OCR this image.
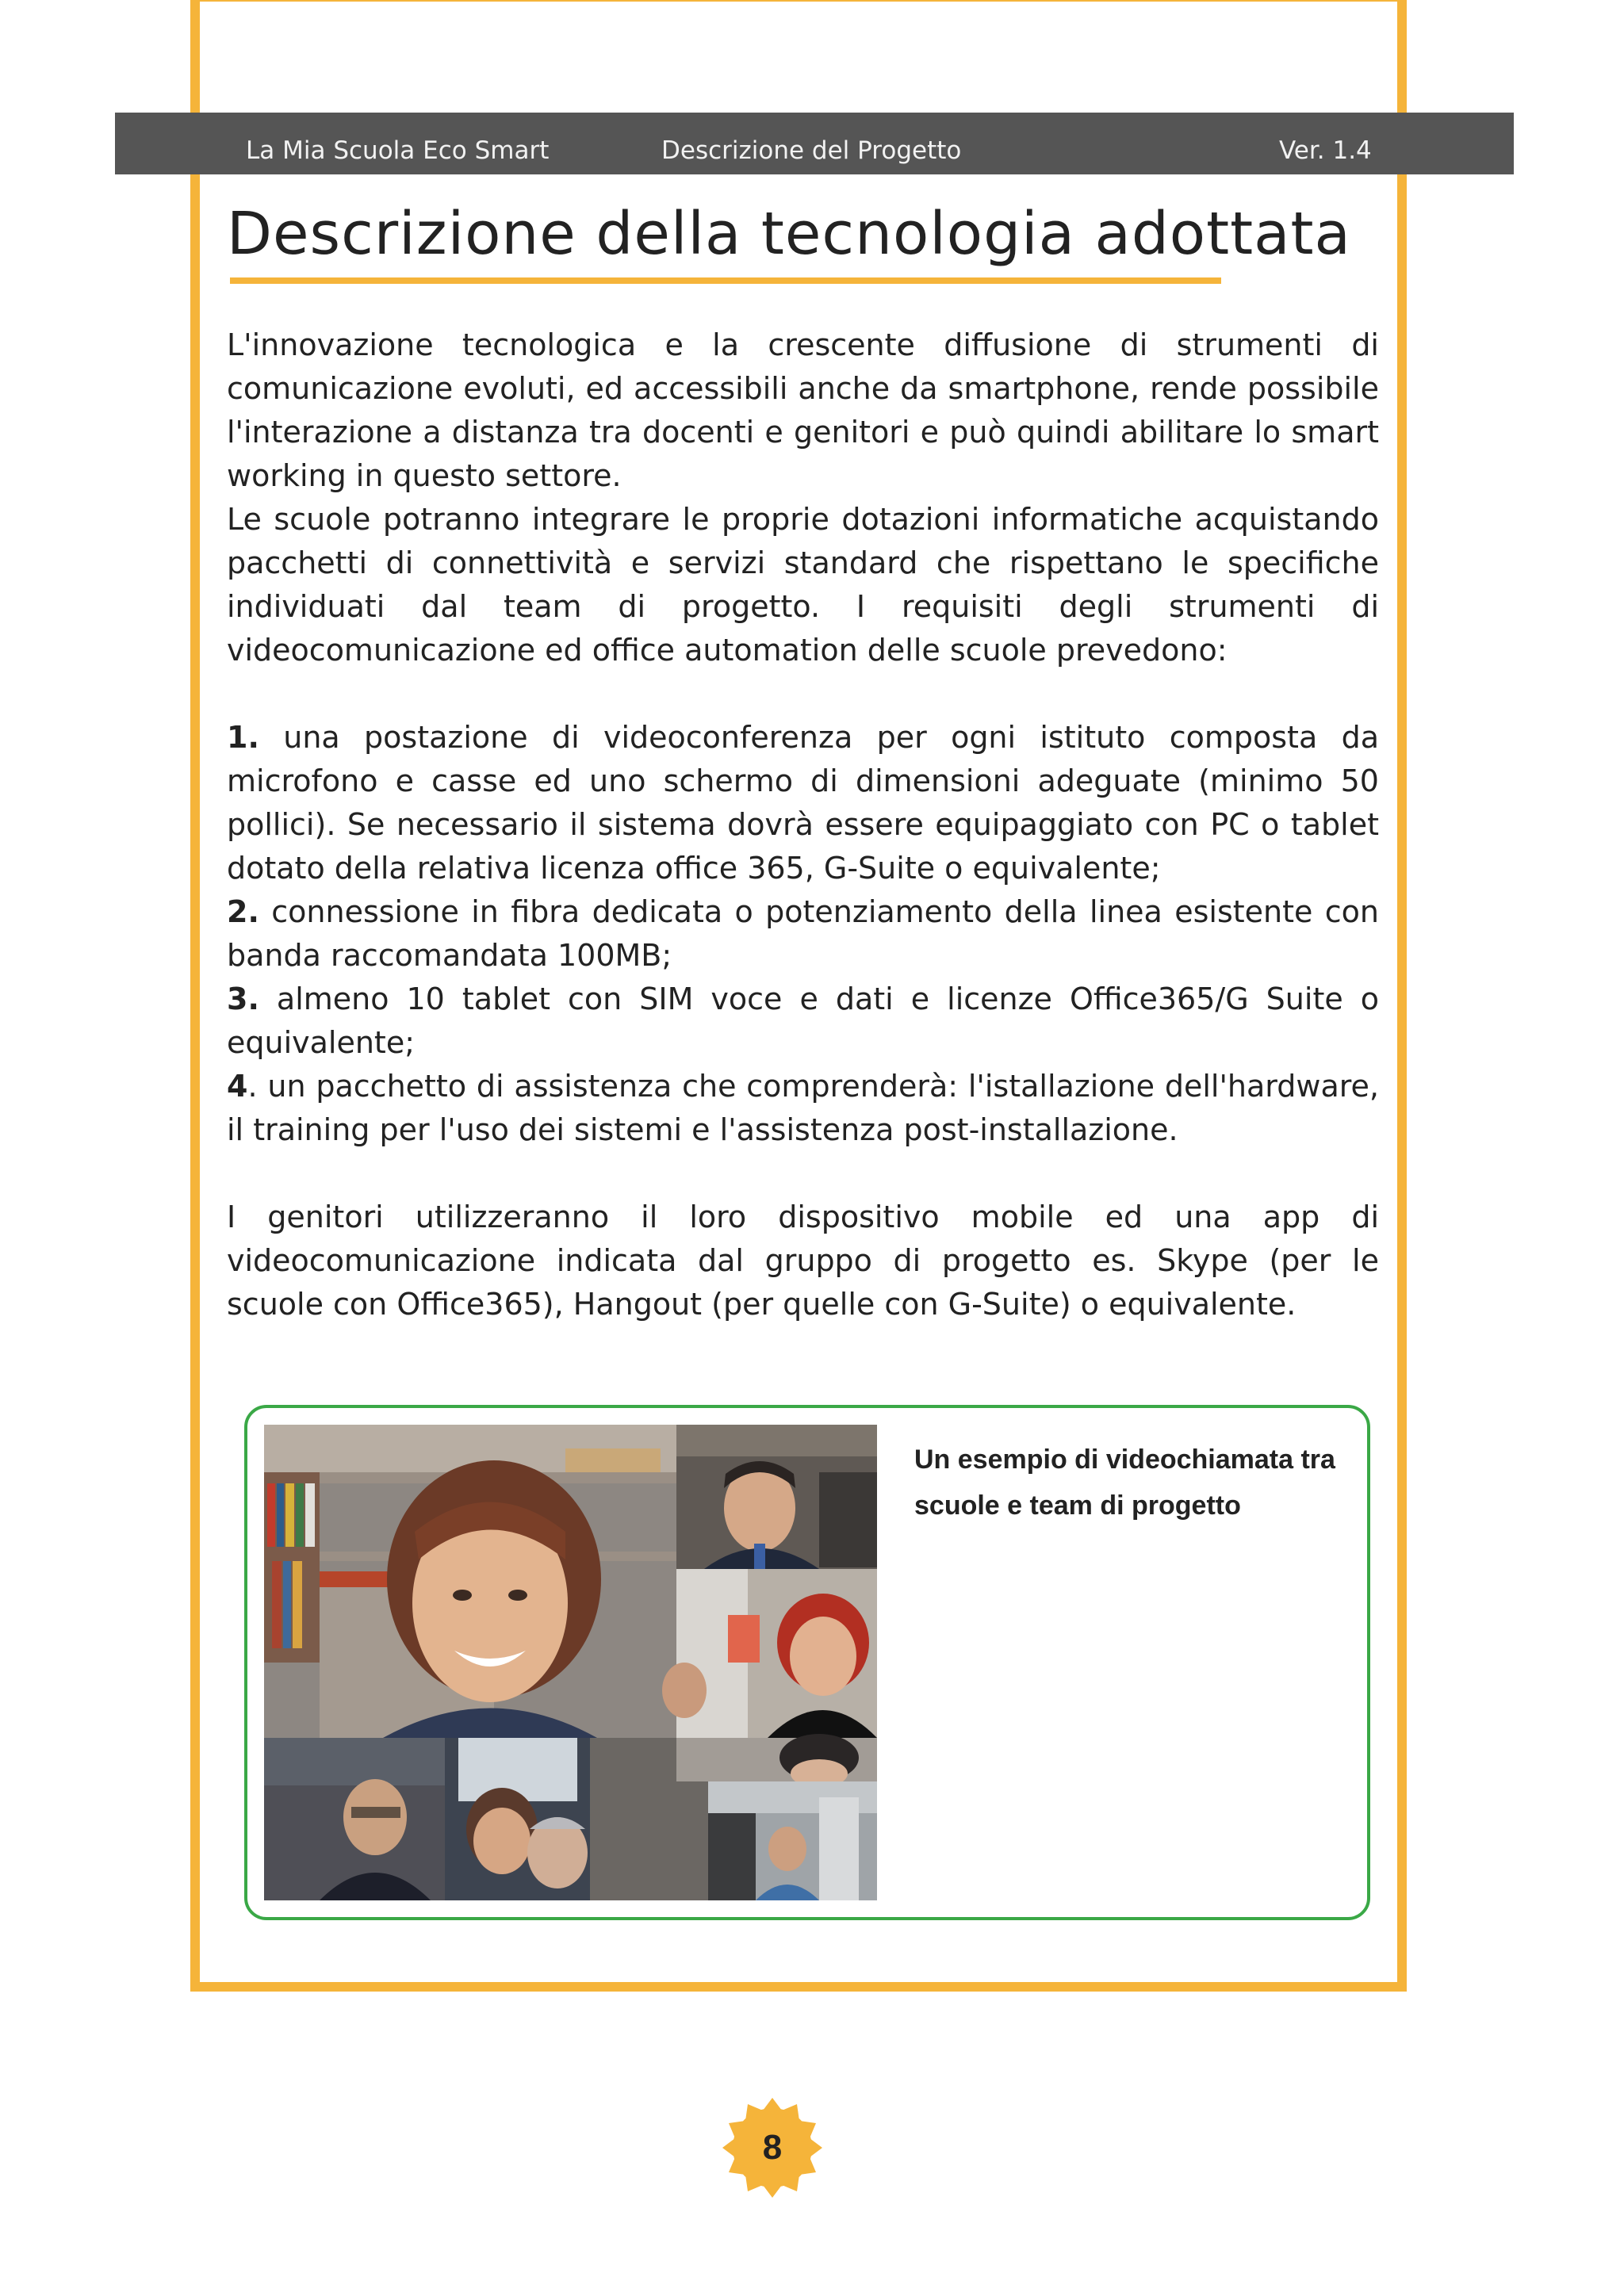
La Mia Scuola Eco Smart	Descrizione del Progetto	Ver. 1.4
Descrizione della tecnologia adottata

L'innovazione tecnologica e la crescente diffusione di strumenti di comunicazione evoluti, ed accessibili anche da smartphone, rende possibile l'interazione a distanza tra docenti e genitori e può quindi abilitare lo smart working in questo settore.

Le scuole potranno integrare le proprie dotazioni informatiche acquistando pacchetti di connettività e servizi standard che rispettano le specifiche individuati dal team di progetto. I requisiti degli strumenti di videocomunicazione ed office automation delle scuole prevedono:

1. una postazione di videoconferenza per ogni istituto composta da microfono e casse ed uno schermo di dimensioni adeguate (minimo 50 pollici). Se necessario il sistema dovrà essere equipaggiato con PC o tablet dotato della relativa licenza office 365, G-Suite o equivalente;

2. connessione in fibra dedicata o potenziamento della linea esistente con banda raccomandata 100MB;

3. almeno 10 tablet con SIM voce e dati e licenze Office365/G Suite o equivalente;

4. un pacchetto di assistenza che comprenderà: l'istallazione dell'hardware, il training per l'uso dei sistemi e l'assistenza post-installazione.

I genitori utilizzeranno il loro dispositivo mobile ed una app di videocomunicazione indicata dal gruppo di progetto es. Skype (per le scuole con Office365), Hangout (per quelle con G-Suite) o equivalente.

Un esempio di videochiamata tra scuole e team di progetto
8
